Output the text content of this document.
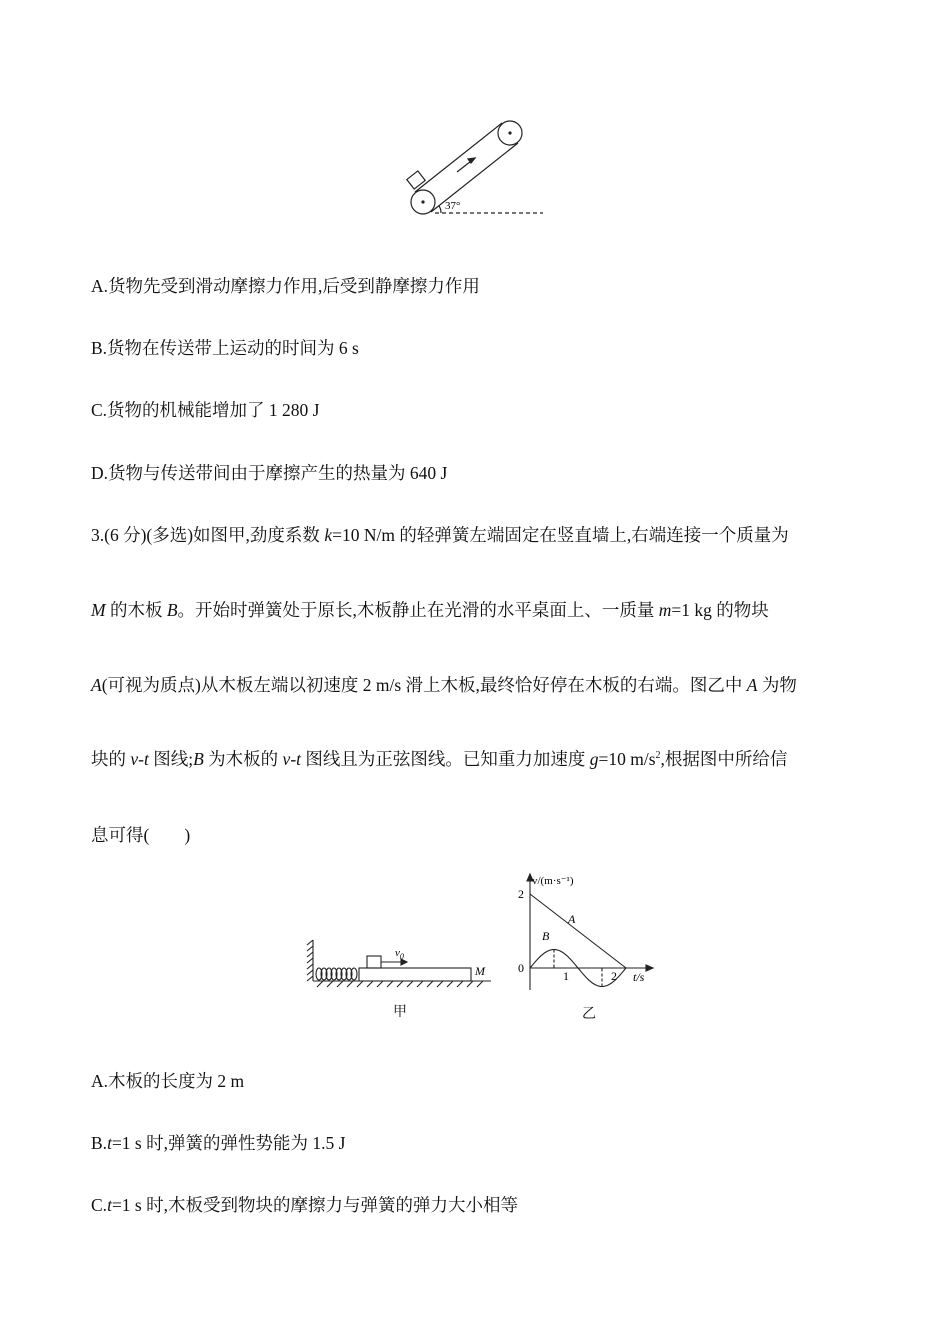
37°
A.货物先受到滑动摩擦力作用,后受到静摩擦力作用
B.货物在传送带上运动的时间为 6 s
C.货物的机械能增加了 1 280 J
D.货物与传送带间由于摩擦产生的热量为 640 J
3.(6 分)(多选)如图甲,劲度系数 k=10 N/m 的轻弹簧左端固定在竖直墙上,右端连接一个质量为
M 的木板 B。开始时弹簧处于原长,木板静止在光滑的水平桌面上、一质量 m=1 kg 的物块
A(可视为质点)从木板左端以初速度 2 m/s 滑上木板,最终恰好停在木板的右端。图乙中 A 为物
块的 v-t 图线;B 为木板的 v-t 图线且为正弦图线。已知重力加速度 g=10 $m/s^2$,根据图中所给信
息可得(　　)
$v_0$
M
甲
v/(m·s⁻¹)
t/s
2
0
1	2
A
B
乙
A.木板的长度为 2 m
B.t=1 s 时,弹簧的弹性势能为 1.5 J
C.t=1 s 时,木板受到物块的摩擦力与弹簧的弹力大小相等
